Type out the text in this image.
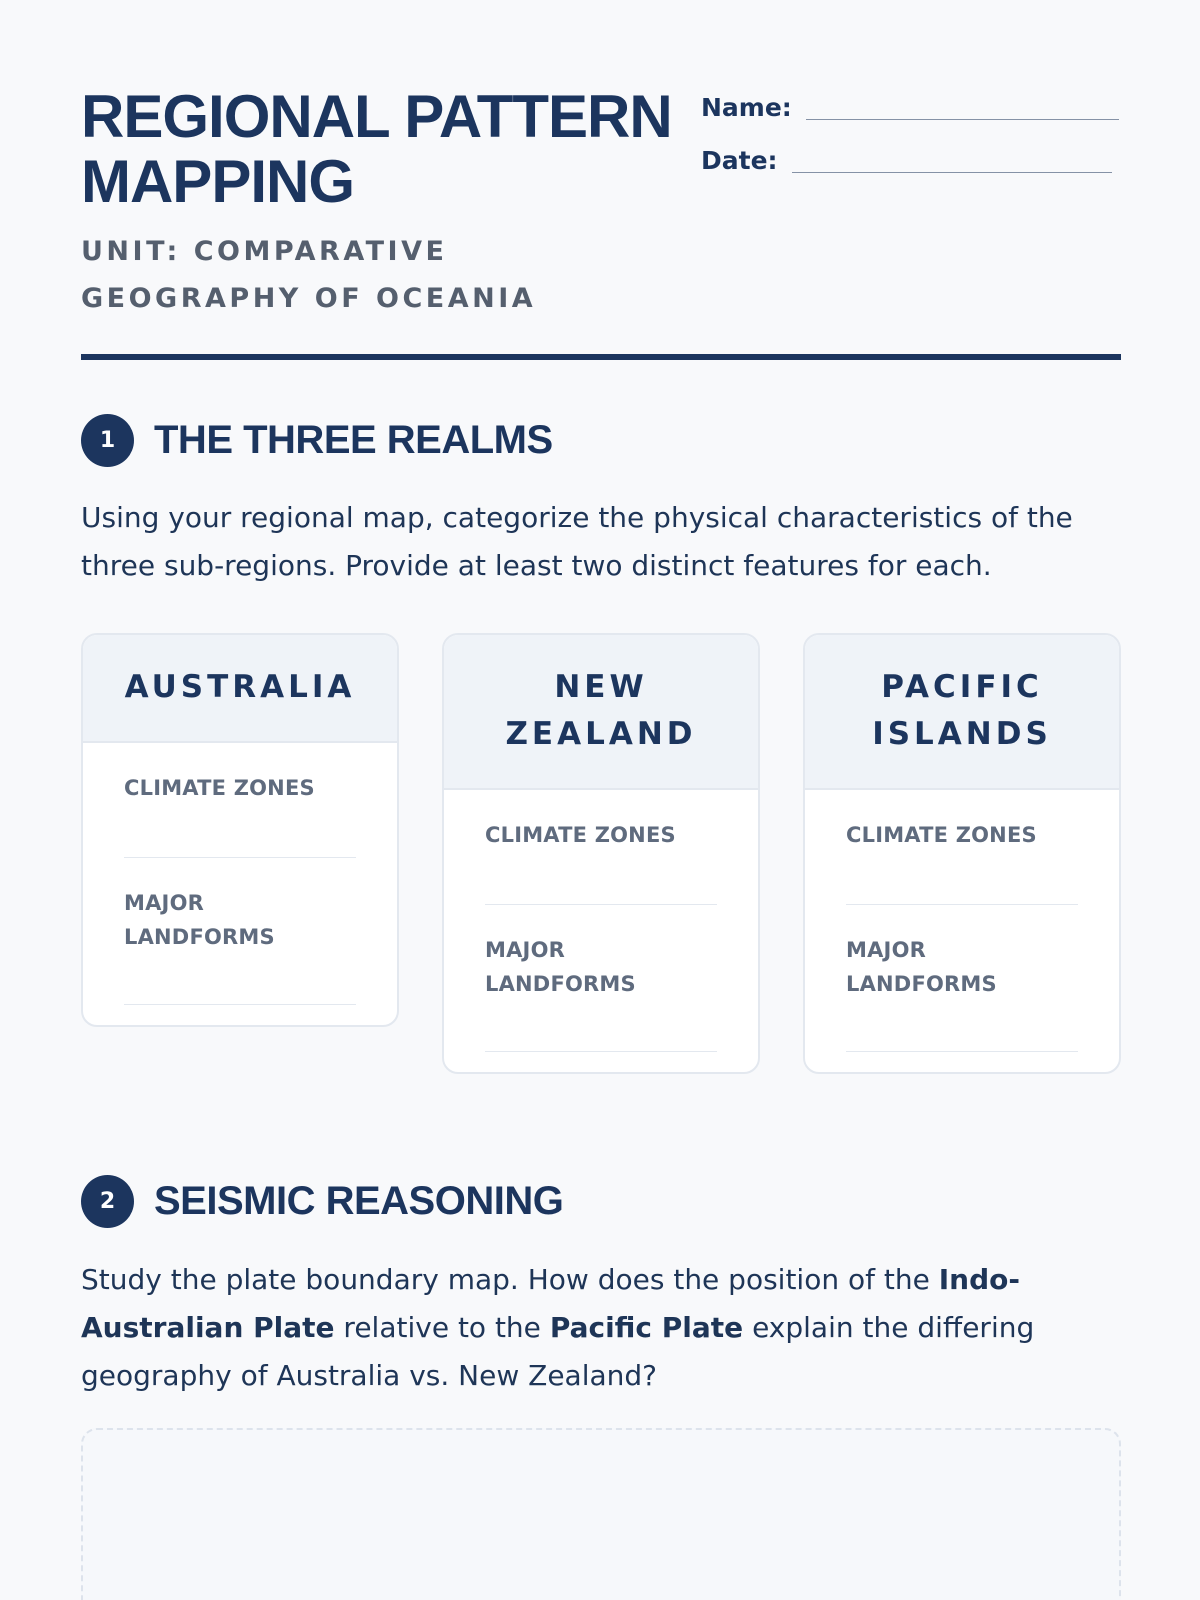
REGIONAL PATTERN MAPPING
UNIT: COMPARATIVE GEOGRAPHY OF OCEANIA
Name:
Date:
1 THE THREE REALMS

Using your regional map, categorize the physical characteristics of the three sub-regions. Provide at least two distinct features for each.

AUSTRALIA
CLIMATE ZONES
MAJOR LANDFORMS
NEW ZEALAND
CLIMATE ZONES
MAJOR LANDFORMS
PACIFIC ISLANDS
CLIMATE ZONES
MAJOR LANDFORMS
2 SEISMIC REASONING

Study the plate boundary map. How does the position of the Indo-Australian Plate relative to the Pacific Plate explain the differing geography of Australia vs. New Zealand?
